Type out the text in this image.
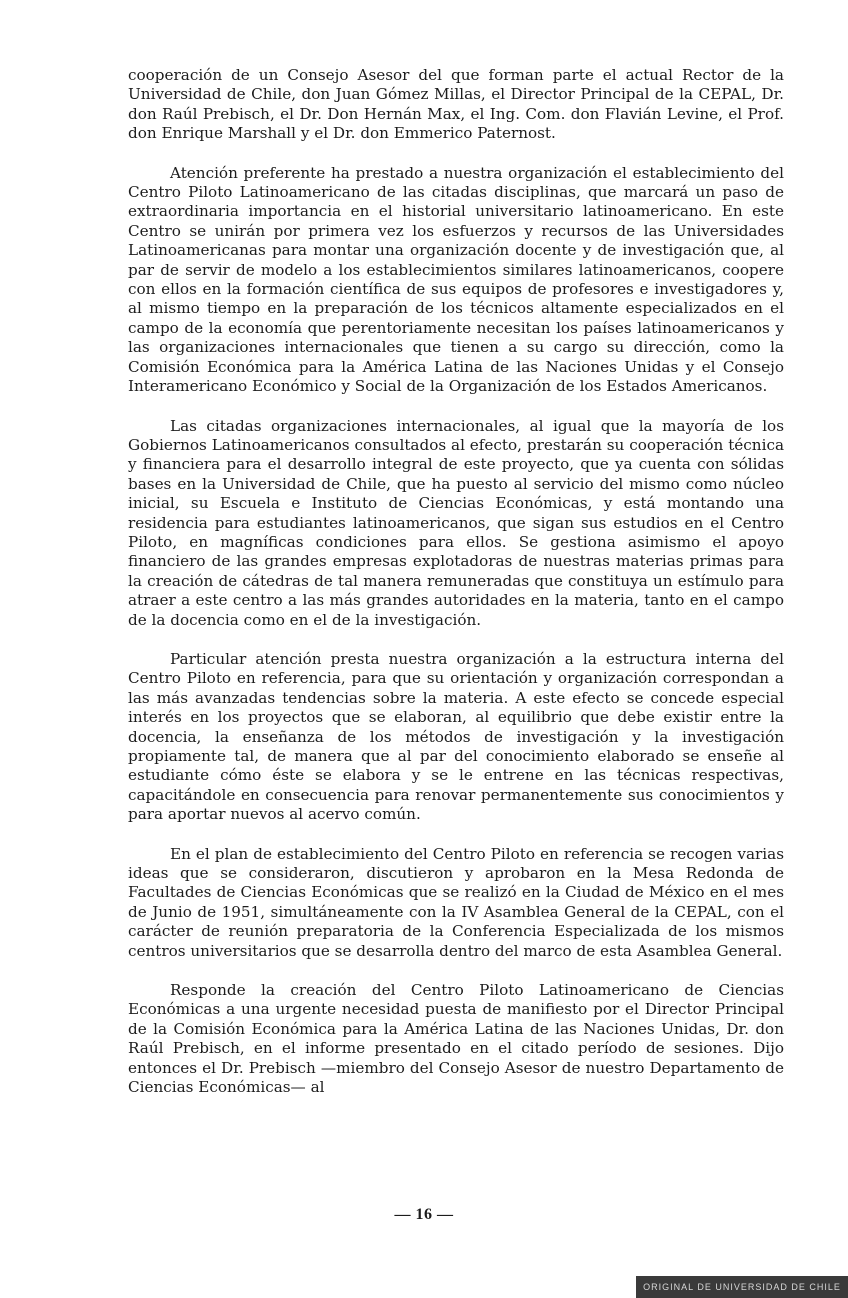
cooperación de un Consejo Asesor del que forman parte el actual Rector de la Universidad de Chile, don Juan Gómez Millas, el Director Principal de la CEPAL, Dr. don Raúl Prebisch, el Dr. Don Hernán Max, el Ing. Com. don Flavián Levine, el Prof. don Enrique Marshall y el Dr. don Emmerico Paternost.

Atención preferente ha prestado a nuestra organización el establecimiento del Centro Piloto Latinoamericano de las citadas disciplinas, que marcará un paso de extraordinaria importancia en el historial universitario latinoamericano. En este Centro se unirán por primera vez los esfuerzos y recursos de las Universidades Latinoamericanas para montar una organización docente y de investigación que, al par de servir de modelo a los establecimientos similares latinoamericanos, coopere con ellos en la formación científica de sus equipos de profesores e investigadores y, al mismo tiempo en la preparación de los técnicos altamente especializados en el campo de la economía que perentoriamente necesitan los países latinoamericanos y las organizaciones internacionales que tienen a su cargo su dirección, como la Comisión Económica para la América Latina de las Naciones Unidas y el Consejo Interamericano Económico y Social de la Organización de los Estados Americanos.

Las citadas organizaciones internacionales, al igual que la mayoría de los Gobiernos Latinoamericanos consultados al efecto, prestarán su cooperación técnica y financiera para el desarrollo integral de este proyecto, que ya cuenta con sólidas bases en la Universidad de Chile, que ha puesto al servicio del mismo como núcleo inicial, su Escuela e Instituto de Ciencias Económicas, y está montando una residencia para estudiantes latinoamericanos, que sigan sus estudios en el Centro Piloto, en magníficas condiciones para ellos. Se gestiona asimismo el apoyo financiero de las grandes empresas explotadoras de nuestras materias primas para la creación de cátedras de tal manera remuneradas que constituya un estímulo para atraer a este centro a las más grandes autoridades en la materia, tanto en el campo de la docencia como en el de la investigación.

Particular atención presta nuestra organización a la estructura interna del Centro Piloto en referencia, para que su orientación y organización correspondan a las más avanzadas tendencias sobre la materia. A este efecto se concede especial interés en los proyectos que se elaboran, al equilibrio que debe existir entre la docencia, la enseñanza de los métodos de investigación y la investigación propiamente tal, de manera que al par del conocimiento elaborado se enseñe al estudiante cómo éste se elabora y se le entrene en las técnicas respectivas, capacitándole en consecuencia para renovar permanentemente sus conocimientos y para aportar nuevos al acervo común.

En el plan de establecimiento del Centro Piloto en referencia se recogen varias ideas que se consideraron, discutieron y aprobaron en la Mesa Redonda de Facultades de Ciencias Económicas que se realizó en la Ciudad de México en el mes de Junio de 1951, simultáneamente con la IV Asamblea General de la CEPAL, con el carácter de reunión preparatoria de la Conferencia Especializada de los mismos centros universitarios que se desarrolla dentro del marco de esta Asamblea General.

Responde la creación del Centro Piloto Latinoamericano de Ciencias Económicas a una urgente necesidad puesta de manifiesto por el Director Principal de la Comisión Económica para la América Latina de las Naciones Unidas, Dr. don Raúl Prebisch, en el informe presentado en el citado período de sesiones. Dijo entonces el Dr. Prebisch —miembro del Consejo Asesor de nuestro Departamento de Ciencias Económicas— al

— 16 —
ORIGINAL DE UNIVERSIDAD DE CHILE
